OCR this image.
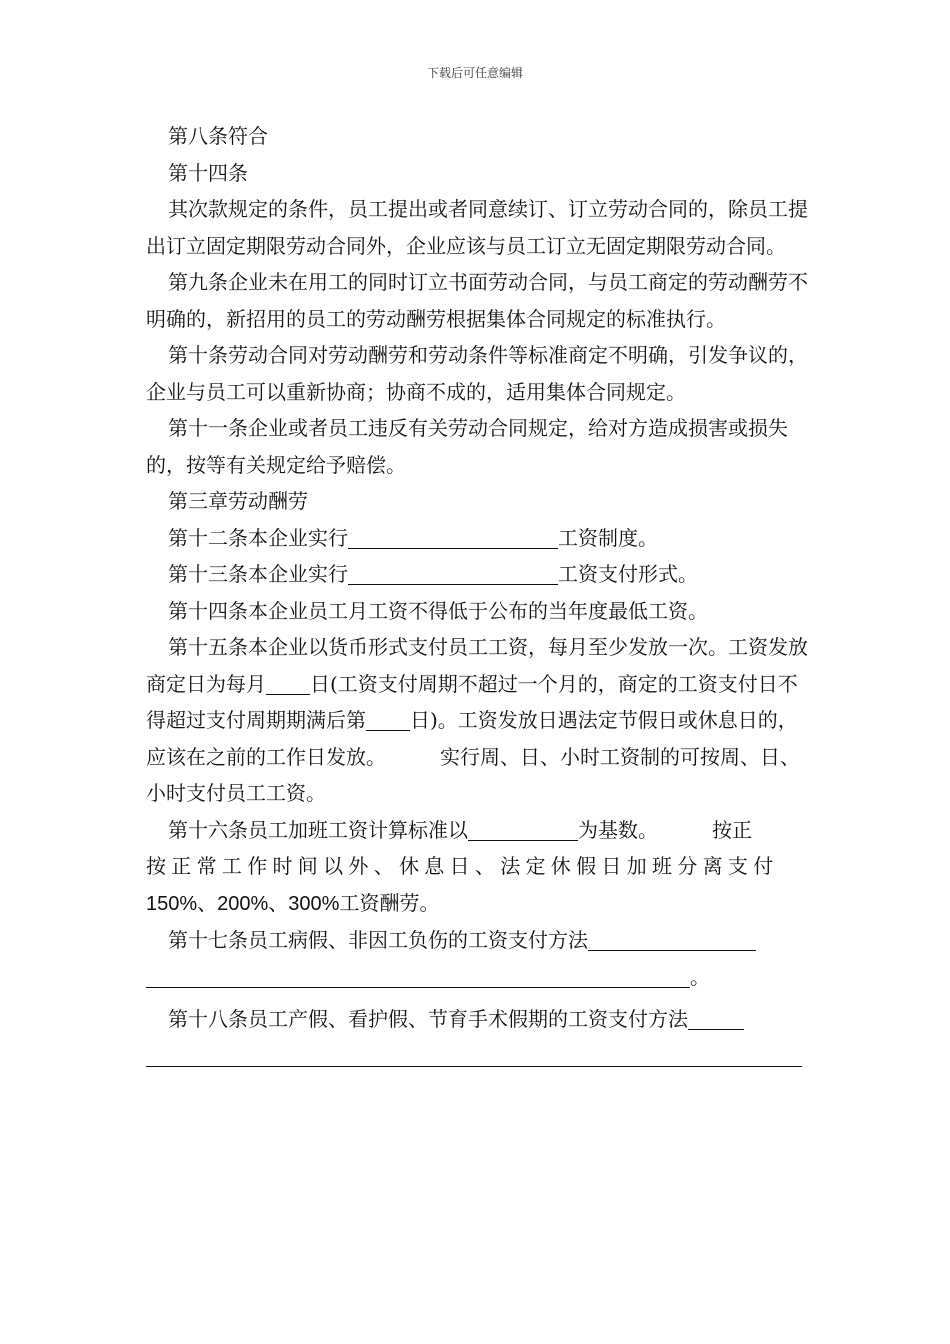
下载后可任意编辑

第八条符合

第十四条

其次款规定的条件，员工提出或者同意续订、订立劳动合同的，除员工提出订立固定期限劳动合同外，企业应该与员工订立无固定期限劳动合同。

第九条企业未在用工的同时订立书面劳动合同，与员工商定的劳动酬劳不明确的，新招用的员工的劳动酬劳根据集体合同规定的标准执行。

第十条劳动合同对劳动酬劳和劳动条件等标准商定不明确，引发争议的，企业与员工可以重新协商；协商不成的，适用集体合同规定。

第十一条企业或者员工违反有关劳动合同规定，给对方造成损害或损失的，按等有关规定给予赔偿。

第三章劳动酬劳

第十二条本企业实行	工资制度。

第十三条本企业实行	工资支付形式。

第十四条本企业员工月工资不得低于公布的当年度最低工资。

第十五条本企业以货币形式支付员工工资，每月至少发放一次。工资发放商定日为每月 日(工资支付周期不超过一个月的，商定的工资支付日不得超过支付周期期满后第 日)。工资发放日遇法定节假日或休息日的，应该在之前的工作日发放。	实行周、日、小时工资制的可按周、日、小时支付员工工资。

第十六条员工加班工资计算标准以	为基数。	按正

按正常工作时间以外、休息日、法定休假日加班分离支付

150%、200%、300%工资酬劳。

第十七条员工病假、非因工负伤的工资支付方法

。

第十八条员工产假、看护假、节育手术假期的工资支付方法
